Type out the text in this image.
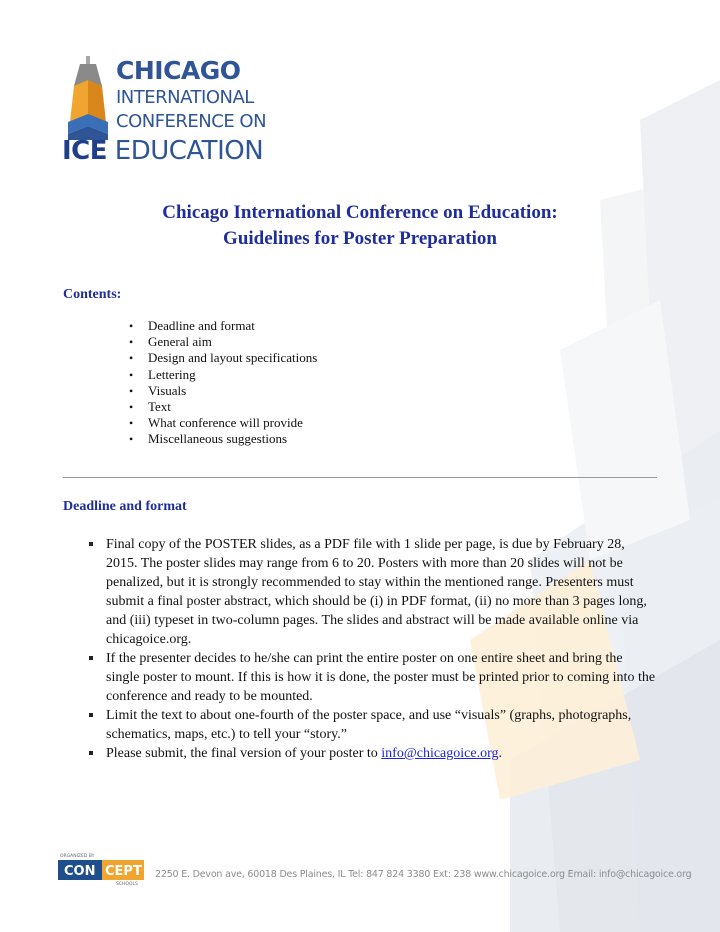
CHICAGO
INTERNATIONAL
CONFERENCE ON
ICE EDUCATION
Chicago International Conference on Education:
Guidelines for Poster Preparation
Contents:
• Deadline and format
• General aim
• Design and layout specifications
• Lettering
• Visuals
• Text
• What conference will provide
• Miscellaneous suggestions
Deadline and format
Final copy of the POSTER slides, as a PDF file with 1 slide per page, is due by February 28, 2015. The poster slides may range from 6 to 20. Posters with more than 20 slides will not be penalized, but it is strongly recommended to stay within the mentioned range. Presenters must submit a final poster abstract, which should be (i) in PDF format, (ii) no more than 3 pages long, and (iii) typeset in two-column pages. The slides and abstract will be made available online via chicagoice.org.
If the presenter decides to he/she can print the entire poster on one entire sheet and bring the single poster to mount. If this is how it is done, the poster must be printed prior to coming into the conference and ready to be mounted.
Limit the text to about one-fourth of the poster space, and use “visuals” (graphs, photographs, schematics, maps, etc.) to tell your “story.”
Please submit, the final version of your poster to info@chicagoice.org.
ORGANIZED BY
CON CEPT
SCHOOLS
2250 E. Devon ave, 60018 Des Plaines, IL Tel: 847 824 3380 Ext: 238 www.chicagoice.org Email: info@chicagoice.org
